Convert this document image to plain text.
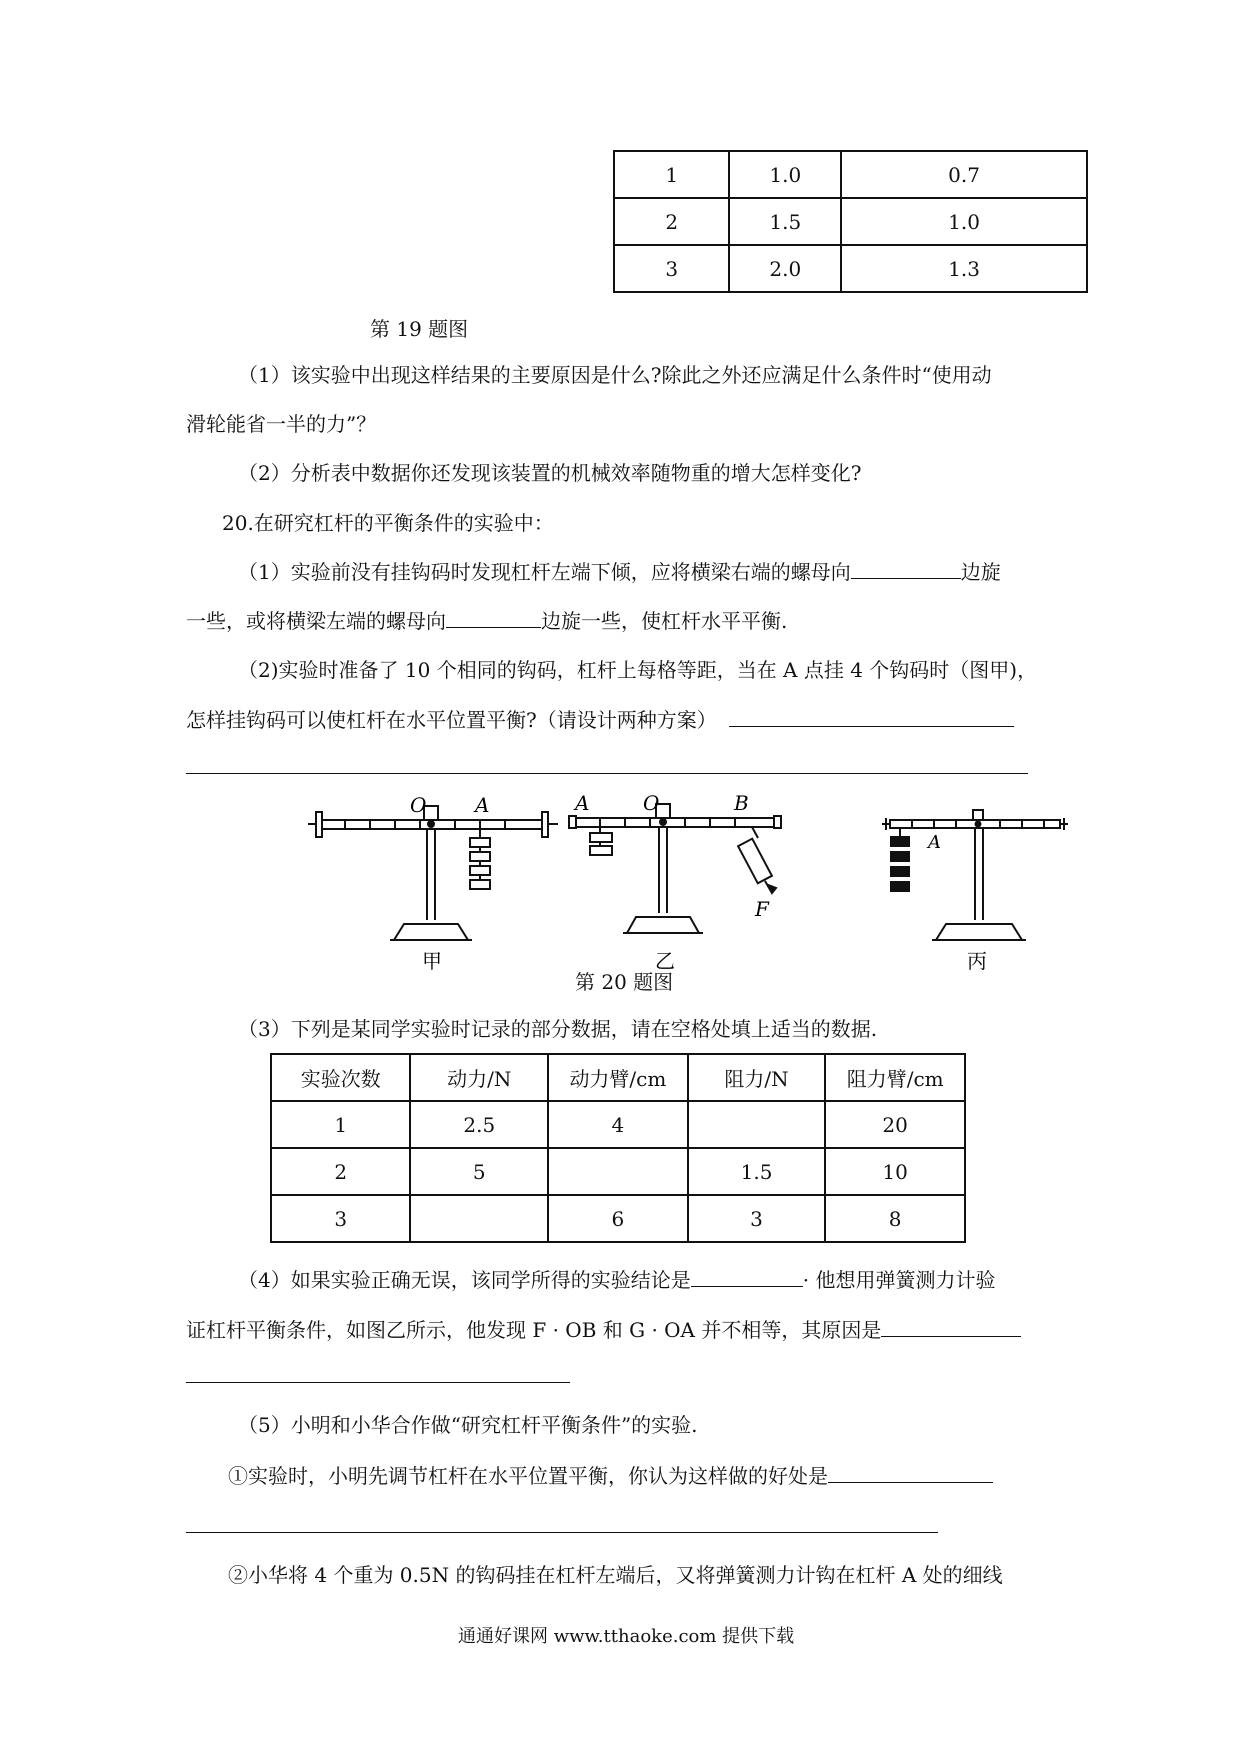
1	1.0	0.7
2	1.5	1.0
3	2.0	1.3
第 19 题图
（1）该实验中出现这样结果的主要原因是什么?除此之外还应满足什么条件时“使用动
滑轮能省一半的力”？
（2）分析表中数据你还发现该装置的机械效率随物重的增大怎样变化?
20.在研究杠杆的平衡条件的实验中：
（1）实验前没有挂钩码时发现杠杆左端下倾，应将横梁右端的螺母向	边旋
一些，或将横梁左端的螺母向	边旋一些，使杠杆水平平衡.
（2)实验时准备了 10 个相同的钩码，杠杆上每格等距，当在 A 点挂 4 个钩码时（图甲)，
怎样挂钩码可以使杠杆在水平位置平衡?（请设计两种方案）
O A
甲
A	O	B
F
乙
A
丙
第 20 题图
（3）下列是某同学实验时记录的部分数据，请在空格处填上适当的数据.
实验次数	动力/N	动力臂/cm	阻力/N	阻力臂/cm
1	2.5	4		20
2	5		1.5	10
3		6	3	8
（4）如果实验正确无误，该同学所得的实验结论是	· 他想用弹簧测力计验
证杠杆平衡条件，如图乙所示，他发现 F · OB 和 G · OA 并不相等，其原因是
（5）小明和小华合作做“研究杠杆平衡条件”的实验.
①实验时，小明先调节杠杆在水平位置平衡，你认为这样做的好处是
②小华将 4 个重为 0.5N 的钩码挂在杠杆左端后，又将弹簧测力计钩在杠杆 A 处的细线
通通好课网 www.tthaoke.com 提供下载
